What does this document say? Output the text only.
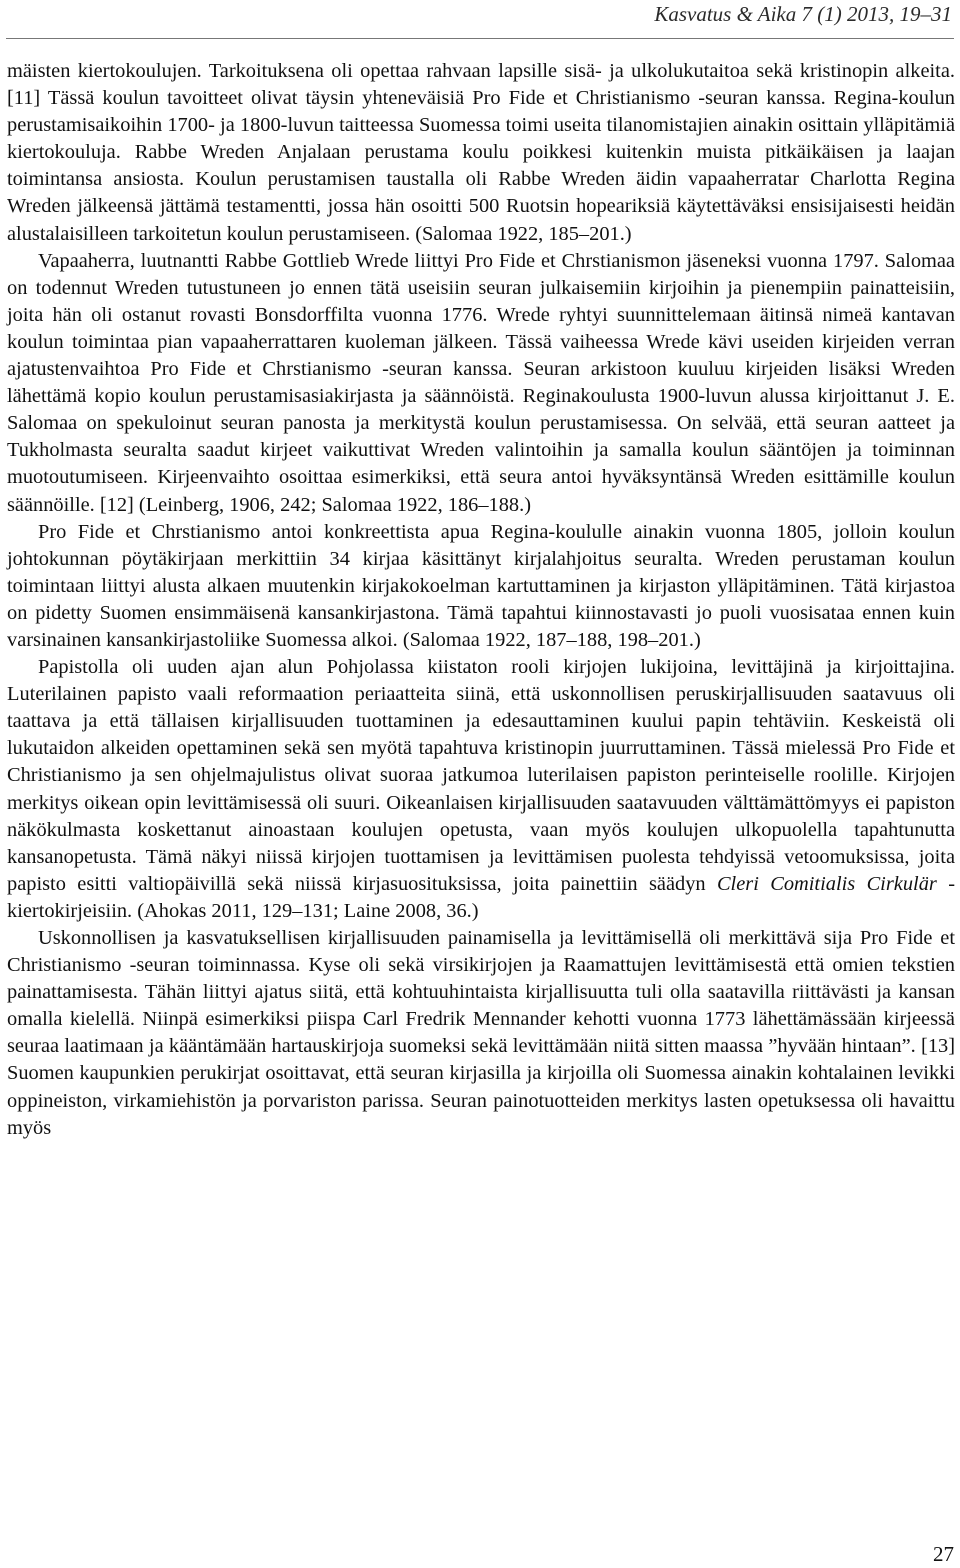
Kasvatus & Aika 7 (1) 2013, 19–31

mäisten kiertokoulujen. Tarkoituksena oli opettaa rahvaan lapsille sisä- ja ulkolukutaitoa sekä kristinopin alkeita. [11] Tässä koulun tavoitteet olivat täysin yhteneväisiä Pro Fide et Christianismo -seuran kanssa. Regina-koulun perustamisaikoihin 1700- ja 1800-luvun taitteessa Suomessa toimi useita tilanomistajien ainakin osittain ylläpitämiä kiertokouluja. Rabbe Wreden Anjalaan perustama koulu poikkesi kuitenkin muista pitkäikäisen ja laajan toimintansa ansiosta. Koulun perustamisen taustalla oli Rabbe Wreden äidin vapaaherratar Charlotta Regina Wreden jälkeensä jättämä testamentti, jossa hän osoitti 500 Ruotsin hopeariksiä käytettäväksi ensisijaisesti heidän alustalaisilleen tarkoitetun koulun perustamiseen. (Salomaa 1922, 185–201.)

Vapaaherra, luutnantti Rabbe Gottlieb Wrede liittyi Pro Fide et Chrstianismon jäseneksi vuonna 1797. Salomaa on todennut Wreden tutustuneen jo ennen tätä useisiin seuran julkaisemiin kirjoihin ja pienempiin painatteisiin, joita hän oli ostanut rovasti Bonsdorffilta vuonna 1776. Wrede ryhtyi suunnittelemaan äitinsä nimeä kantavan koulun toimintaa pian vapaaherrattaren kuoleman jälkeen. Tässä vaiheessa Wrede kävi useiden kirjeiden verran ajatustenvaihtoa Pro Fide et Chrstianismo -seuran kanssa. Seuran arkistoon kuuluu kirjeiden lisäksi Wreden lähettämä kopio koulun perustamisasiakirjasta ja säännöistä. Reginakoulusta 1900-luvun alussa kirjoittanut J. E. Salomaa on spekuloinut seuran panosta ja merkitystä koulun perustamisessa. On selvää, että seuran aatteet ja Tukholmasta seuralta saadut kirjeet vaikuttivat Wreden valintoihin ja samalla koulun sääntöjen ja toiminnan muotoutumiseen. Kirjeenvaihto osoittaa esimerkiksi, että seura antoi hyväksyntänsä Wreden esittämille koulun säännöille. [12] (Leinberg, 1906, 242; Salomaa 1922, 186–188.)

Pro Fide et Chrstianismo antoi konkreettista apua Regina-koululle ainakin vuonna 1805, jolloin koulun johtokunnan pöytäkirjaan merkittiin 34 kirjaa käsittänyt kirjalahjoitus seuralta. Wreden perustaman koulun toimintaan liittyi alusta alkaen muutenkin kirjakokoelman kartuttaminen ja kirjaston ylläpitäminen. Tätä kirjastoa on pidetty Suomen ensimmäisenä kansankirjastona. Tämä tapahtui kiinnostavasti jo puoli vuosisataa ennen kuin varsinainen kansankirjastoliike Suomessa alkoi. (Salomaa 1922, 187–188, 198–201.)

Papistolla oli uuden ajan alun Pohjolassa kiistaton rooli kirjojen lukijoina, levittäjinä ja kirjoittajina. Luterilainen papisto vaali reformaation periaatteita siinä, että uskonnollisen peruskirjallisuuden saatavuus oli taattava ja että tällaisen kirjallisuuden tuottaminen ja edesauttaminen kuului papin tehtäviin. Keskeistä oli lukutaidon alkeiden opettaminen sekä sen myötä tapahtuva kristinopin juurruttaminen. Tässä mielessä Pro Fide et Christianismo ja sen ohjelmajulistus olivat suoraa jatkumoa luterilaisen papiston perinteiselle roolille. Kirjojen merkitys oikean opin levittämisessä oli suuri. Oikeanlaisen kirjallisuuden saatavuuden välttämättömyys ei papiston näkökulmasta koskettanut ainoastaan koulujen opetusta, vaan myös koulujen ulkopuolella tapahtunutta kansanopetusta. Tämä näkyi niissä kirjojen tuottamisen ja levittämisen puolesta tehdyissä vetoomuksissa, joita papisto esitti valtiopäivillä sekä niissä kirjasuosituksissa, joita painettiin säädyn Cleri Comitialis Cirkulär -kiertokirjeisiin. (Ahokas 2011, 129–131; Laine 2008, 36.)

Uskonnollisen ja kasvatuksellisen kirjallisuuden painamisella ja levittämisellä oli merkittävä sija Pro Fide et Christianismo -seuran toiminnassa. Kyse oli sekä virsikirjojen ja Raamattujen levittämisestä että omien tekstien painattamisesta. Tähän liittyi ajatus siitä, että kohtuuhintaista kirjallisuutta tuli olla saatavilla riittävästi ja kansan omalla kielellä. Niinpä esimerkiksi piispa Carl Fredrik Mennander kehotti vuonna 1773 lähettämässään kirjeessä seuraa laatimaan ja kääntämään hartauskirjoja suomeksi sekä levittämään niitä sitten maassa ”hyvään hintaan”. [13] Suomen kaupunkien perukirjat osoittavat, että seuran kirjasilla ja kirjoilla oli Suomessa ainakin kohtalainen levikki oppineiston, virkamiehistön ja porvariston parissa. Seuran painotuotteiden merkitys lasten opetuksessa oli havaittu myös

27
